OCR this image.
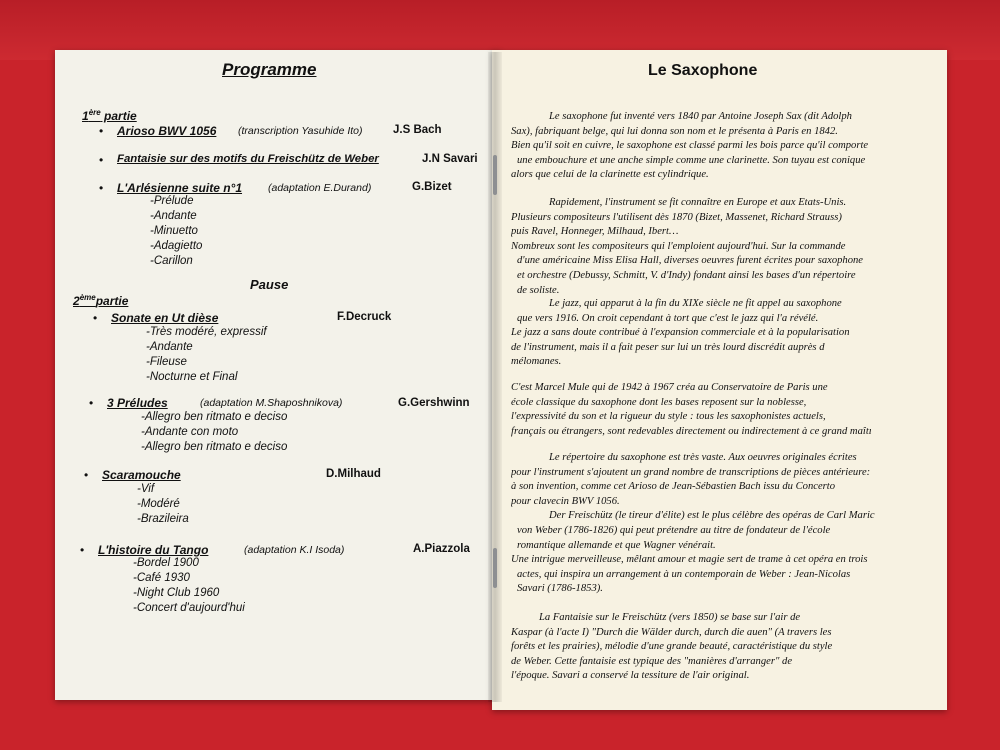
Programme
1ère partie
• Arioso BWV 1056 (transcription Yasuhide Ito)	J.S Bach
• Fantaisie sur des motifs du Freischütz de Weber	J.N Savari
• L'Arlésienne suite n°1 (adaptation E.Durand)	G.Bizet
-Prélude
-Andante
-Minuetto
-Adagietto
-Carillon
Pause
2èmepartie
• Sonate en Ut dièse	F.Decruck
-Très modéré, expressif
-Andante
-Fileuse
-Nocturne et Final
• 3 Préludes	(adaptation M.Shaposhnikova)	G.Gershwinn
-Allegro ben ritmato e deciso
-Andante con moto
-Allegro ben ritmato e deciso
• Scaramouche	D.Milhaud
-Vif
-Modéré
-Brazileira
• L'histoire du Tango	(adaptation K.I Isoda)	A.Piazzola
-Bordel 1900
-Café 1930
-Night Club 1960
-Concert d'aujourd'hui
Le Saxophone
Le saxophone fut inventé vers 1840 par Antoine Joseph Sax (dit Adolph
Sax), fabriquant belge, qui lui donna son nom et le présenta à Paris en 1842.
Bien qu'il soit en cuivre, le saxophone est classé parmi les bois parce qu'il comporte
une embouchure et une anche simple comme une clarinette. Son tuyau est conique
alors que celui de la clarinette est cylindrique.
Rapidement, l'instrument se fit connaître en Europe et aux Etats-Unis.
Plusieurs compositeurs l'utilisent dès 1870 (Bizet, Massenet, Richard Strauss)
puis Ravel, Honneger, Milhaud, Ibert…
Nombreux sont les compositeurs qui l'emploient aujourd'hui. Sur la commande
d'une américaine Miss Elisa Hall, diverses oeuvres furent écrites pour saxophone
et orchestre (Debussy, Schmitt, V. d'Indy) fondant ainsi les bases d'un répertoire
de soliste.
Le jazz, qui apparut à la fin du XIXe siècle ne fit appel au saxophone
que vers 1916. On croit cependant à tort que c'est le jazz qui l'a révélé.
Le jazz a sans doute contribué à l'expansion commerciale et à la popularisation
de l'instrument, mais il a fait peser sur lui un très lourd discrédit auprès d
mélomanes.
C'est Marcel Mule qui de 1942 à 1967 créa au Conservatoire de Paris une
école classique du saxophone dont les bases reposent sur la noblesse,
l'expressivité du son et la rigueur du style : tous les saxophonistes actuels,
français ou étrangers, sont redevables directement ou indirectement à ce grand maîtı
Le répertoire du saxophone est très vaste. Aux oeuvres originales écrites
pour l'instrument s'ajoutent un grand nombre de transcriptions de pièces antérieure:
à son invention, comme cet Arioso de Jean-Sébastien Bach issu du Concerto
pour clavecin BWV 1056.
Der Freischütz (le tireur d'élite) est le plus célèbre des opéras de Carl Maric
von Weber (1786-1826) qui peut prétendre au titre de fondateur de l'école
romantique allemande et que Wagner vénérait.
Une intrigue merveilleuse, mêlant amour et magie sert de trame à cet opéra en trois
actes, qui inspira un arrangement à un contemporain de Weber : Jean-Nicolas
Savari (1786-1853).
La Fantaisie sur le Freischütz (vers 1850) se base sur l'air de
Kaspar (à l'acte I) "Durch die Wälder durch, durch die auen" (A travers les
forêts et les prairies), mélodie d'une grande beauté, caractéristique du style
de Weber. Cette fantaisie est typique des "manières d'arranger" de
l'époque. Savari a conservé la tessiture de l'air original.
